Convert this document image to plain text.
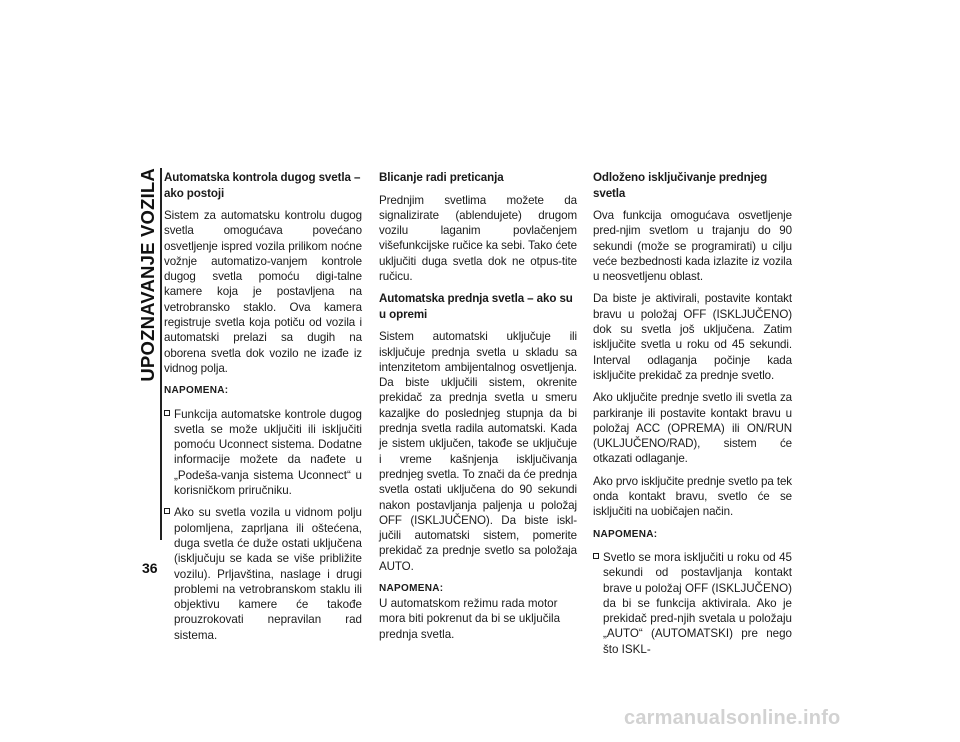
UPOZNAVANJE VOZILA
36
Automatska kontrola dugog svetla – ako postoji
Sistem za automatsku kontrolu dugog svetla omogućava povećano osvetljenje ispred vozila prilikom noćne vožnje automatizo-vanjem kontrole dugog svetla pomoću digi-talne kamere koja je postavljena na vetrobransko staklo. Ova kamera registruje svetla koja potiču od vozila i automatski prelazi sa dugih na oborena svetla dok vozilo ne izađe iz vidnog polja.
NAPOMENA:
Funkcija automatske kontrole dugog svetla se može uključiti ili isključiti pomoću Uconnect sistema. Dodatne informacije možete da nađete u „Podeša-vanja sistema Uconnect“ u korisničkom priručniku.
Ako su svetla vozila u vidnom polju polomljena, zaprljana ili oštećena, duga svetla će duže ostati uključena (isključuju se kada se više približite vozilu). Prljavština, naslage i drugi problemi na vetrobranskom staklu ili objektivu kamere će takođe prouzrokovati nepravilan rad sistema.
Blicanje radi preticanja
Prednjim svetlima možete da signalizirate (ablendujete) drugom vozilu laganim povlačenjem višefunkcijske ručice ka sebi. Tako ćete uključiti duga svetla dok ne otpus-tite ručicu.
Automatska prednja svetla – ako su u opremi
Sistem automatski uključuje ili isključuje prednja svetla u skladu sa intenzitetom ambijentalnog osvetljenja. Da biste uključili sistem, okrenite prekidač za prednja svetla u smeru kazaljke do poslednjeg stupnja da bi prednja svetla radila automatski. Kada je sistem uključen, takođe se uključuje i vreme kašnjenja isključivanja prednjeg svetla. To znači da će prednja svetla ostati uključena do 90 sekundi nakon postavljanja paljenja u položaj OFF (ISKLJUČENO). Da biste iskl-jučili automatski sistem, pomerite prekidač za prednje svetlo sa položaja AUTO.
NAPOMENA:
U automatskom režimu rada motor mora biti pokrenut da bi se uključila prednja svetla.
Odloženo isključivanje prednjeg svetla
Ova funkcija omogućava osvetljenje pred-njim svetlom u trajanju do 90 sekundi (može se programirati) u cilju veće bezbednosti kada izlazite iz vozila u neosvetljenu oblast.
Da biste je aktivirali, postavite kontakt bravu u položaj OFF (ISKLJUČENO) dok su svetla još uključena. Zatim isključite svetla u roku od 45 sekundi. Interval odlaganja počinje kada isključite prekidač za prednje svetlo.
Ako uključite prednje svetlo ili svetla za parkiranje ili postavite kontakt bravu u položaj ACC (OPREMA) ili ON/RUN (UKLJUČENO/RAD), sistem će otkazati odlaganje.
Ako prvo isključite prednje svetlo pa tek onda kontakt bravu, svetlo će se isključiti na uobičajen način.
NAPOMENA:
Svetlo se mora isključiti u roku od 45 sekundi od postavljanja kontakt brave u položaj OFF (ISKLJUČENO) da bi se funkcija aktivirala. Ako je prekidač pred-njih svetala u položaju „AUTO“ (AUTOMATSKI) pre nego što ISKL-
carmanualsonline.info
